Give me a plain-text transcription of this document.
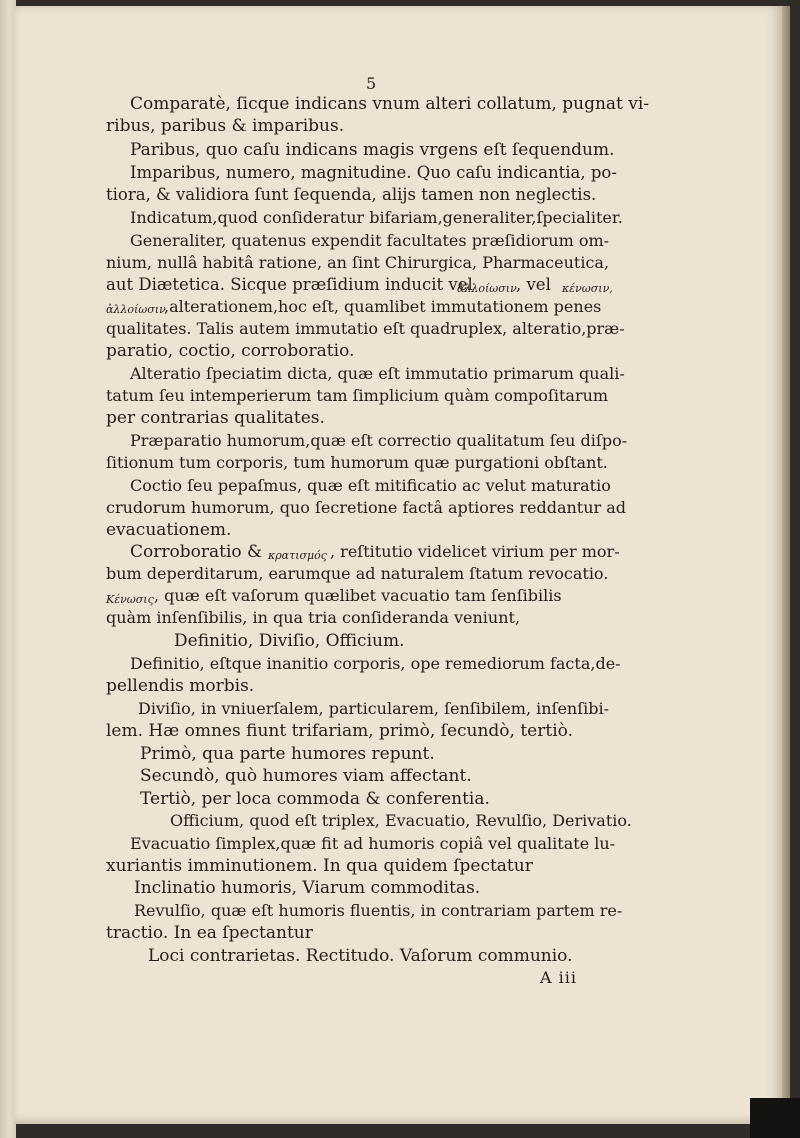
5
Comparatè, ſicque indicans vnum alteri collatum, pugnat vi-
ribus, paribus & imparibus.
Paribus, quo caſu indicans magis vrgens eſt ſequendum.
Imparibus, numero, magnitudine. Quo caſu indicantia, po-
tiora, & validiora ſunt ſequenda, alijs tamen non neglectis.
Indicatum,quod conſideratur bifariam,generaliter,ſpecialiter.
Generaliter, quatenus expendit facultates præſidiorum om-
nium, nullâ habitâ ratione, an ſint Chirurgica, Pharmaceutica,
aut Diætetica. Sicque præſidium inducit vel
ἀλλοίωσιν , vel κένωσιν,
ἀλλοίωσιν
,alterationem,hoc eſt, quamlibet immutationem penes
qualitates. Talis autem immutatio eſt quadruplex, alteratio,præ-
paratio, coctio, corroboratio.
Alteratio ſpeciatim dicta, quæ eſt immutatio primarum quali-
tatum ſeu intemperierum tam ſimplicium quàm compoſitarum
per contrarias qualitates.
Præparatio humorum,quæ eſt correctio qualitatum ſeu diſpo-
ſitionum tum corporis, tum humorum quæ purgationi obſtant.
Coctio ſeu pepaſmus, quæ eſt mitificatio ac velut maturatio
crudorum humorum, quo ſecretione factâ aptiores reddantur ad
evacuationem.
Corroboratio & κρατισμός , reſtitutio videlicet virium per mor-
bum deperditarum, earumque ad naturalem ſtatum revocatio.
Κένωσις , quæ eſt vaſorum quælibet vacuatio tam ſenſibilis
quàm inſenſibilis, in qua tria conſideranda veniunt,
Definitio, Diviſio, Officium.
Definitio, eſtque inanitio corporis, ope remediorum facta,de-
pellendis morbis.
Diviſio, in vniuerſalem, particularem, ſenſibilem, inſenſibi-
lem. Hæ omnes fiunt trifariam, primò, ſecundò, tertiò.
Primò, qua parte humores repunt.
Secundò, quò humores viam affectant.
Tertiò, per loca commoda & conferentia.
Officium, quod eſt triplex, Evacuatio, Revulſio, Derivatio.
Evacuatio ſimplex,quæ fit ad humoris copiâ vel qualitate lu-
xuriantis imminutionem. In qua quidem ſpectatur
Inclinatio humoris, Viarum commoditas.
Revulſio, quæ eſt humoris fluentis, in contrariam partem re-
tractio. In ea ſpectantur
Loci contrarietas. Rectitudo. Vaſorum communio.
A iii
